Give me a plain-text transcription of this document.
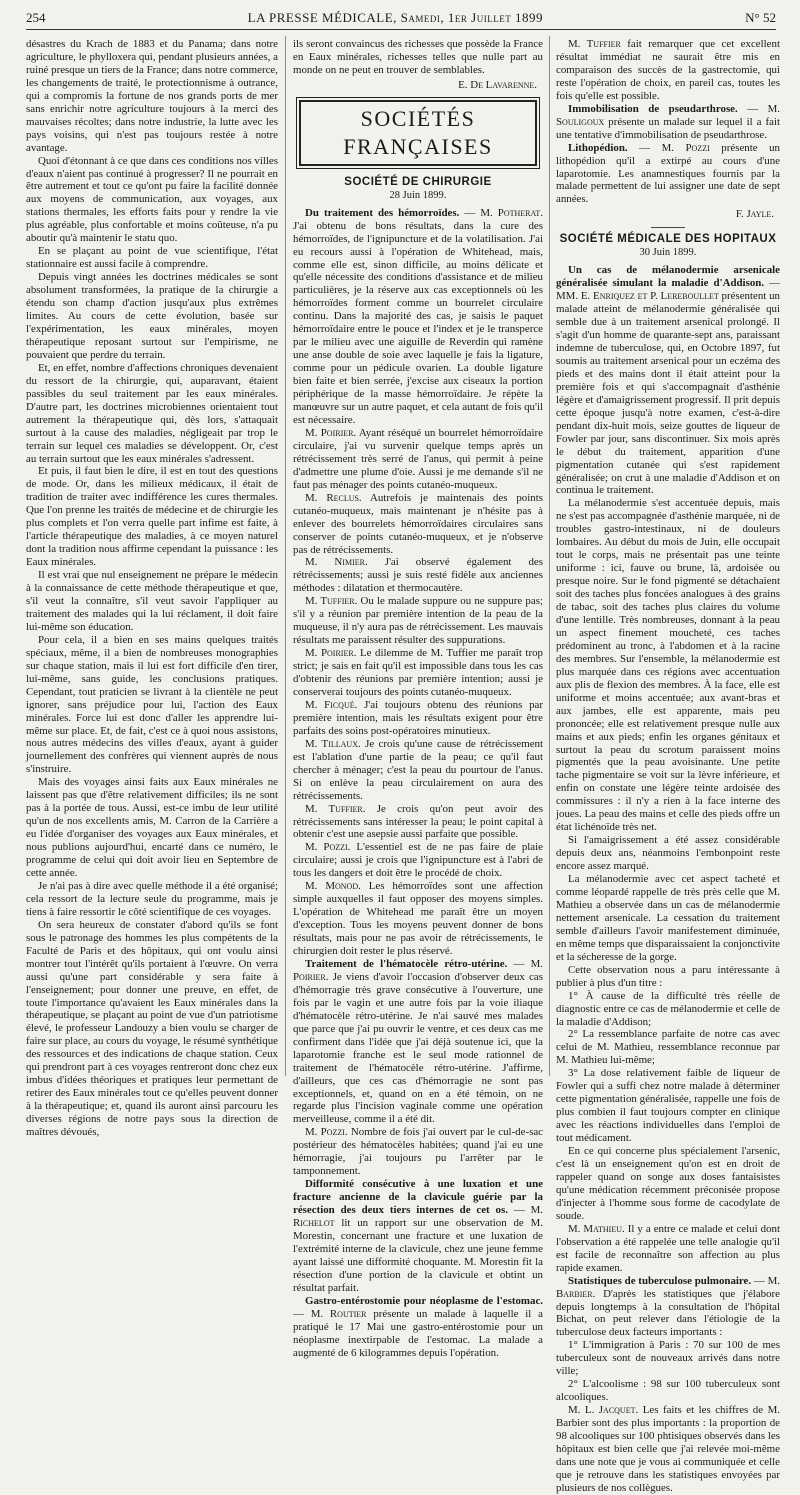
254	LA PRESSE MÉDICALE, Samedi, 1er Juillet 1899	N° 52

désastres du Krach de 1883 et du Panama; dans notre agriculture, le phylloxera qui, pendant plusieurs années, a ruiné presque un tiers de la France; dans notre commerce, les changements de traité, le protectionnisme à outrance, qui a compromis la fortune de nos grands ports de mer sans enrichir notre agriculture toujours à la merci des mauvaises récoltes; dans notre industrie, la lutte avec les pays voisins, qui n'est pas toujours restée à notre avantage.

Quoi d'étonnant à ce que dans ces conditions nos villes d'eaux n'aient pas continué à progresser? Il ne pourrait en être autrement et tout ce qu'ont pu faire la facilité donnée aux moyens de communication, aux voyages, aux stations thermales, les efforts faits pour y rendre la vie plus agréable, plus confortable et moins coûteuse, n'a pu aboutir qu'à maintenir le statu quo.

En se plaçant au point de vue scientifique, l'état stationnaire est aussi facile à comprendre.

Depuis vingt années les doctrines médicales se sont absolument transformées, la pratique de la chirurgie a étendu son champ d'action jusqu'aux plus extrêmes limites. Au cours de cette évolution, basée sur l'expérimentation, les eaux minérales, moyen thérapeutique reposant surtout sur l'empirisme, ne pouvaient que perdre du terrain.

Et, en effet, nombre d'affections chroniques devenaient du ressort de la chirurgie, qui, auparavant, étaient passibles du seul traitement par les eaux minérales. D'autre part, les doctrines microbiennes orientaient tout autrement la thérapeutique qui, dès lors, s'attaquait surtout à la cause des maladies, négligeait par trop le terrain sur lequel ces maladies se développent. Or, c'est au terrain surtout que les eaux minérales s'adressent.

Et puis, il faut bien le dire, il est en tout des questions de mode. Or, dans les milieux médicaux, il était de tradition de traiter avec indifférence les cures thermales. Que l'on prenne les traités de médecine et de chirurgie les plus complets et l'on verra quelle part infime est faite, à l'article thérapeutique des maladies, à ce moyen naturel dont la tradition nous affirme cependant la puissance : les Eaux minérales.

Il est vrai que nul enseignement ne prépare le médecin à la connaissance de cette méthode thérapeutique et que, s'il veut la connaître, s'il veut savoir l'appliquer au traitement des malades qui la lui réclament, il doit faire lui-même son éducation.

Pour cela, il a bien en ses mains quelques traités spéciaux, même, il a bien de nombreuses monographies sur chaque station, mais il lui est fort difficile d'en tirer, lui-même, sans guide, les conclusions pratiques. Cependant, tout praticien se livrant à la clientèle ne peut ignorer, sans préjudice pour lui, l'action des Eaux minérales. Force lui est donc d'aller les apprendre lui-même sur place. Et, de fait, c'est ce à quoi nous assistons, nous autres médecins des villes d'eaux, ayant à guider journellement des confrères qui viennent auprès de nous s'instruire.

Mais des voyages ainsi faits aux Eaux minérales ne laissent pas que d'être relativement difficiles; ils ne sont pas à la portée de tous. Aussi, est-ce imbu de leur utilité qu'un de nos excellents amis, M. Carron de la Carrière a eu l'idée d'organiser des voyages aux Eaux minérales, et nous publions aujourd'hui, encarté dans ce numéro, le programme de celui qui doit avoir lieu en Septembre de cette année.

Je n'ai pas à dire avec quelle méthode il a été organisé; cela ressort de la lecture seule du programme, mais je tiens à faire ressortir le côté scientifique de ces voyages.

On sera heureux de constater d'abord qu'ils se font sous le patronage des hommes les plus compétents de la Faculté de Paris et des hôpitaux, qui ont voulu ainsi montrer tout l'intérêt qu'ils portaient à l'œuvre. On verra aussi qu'une part considérable y sera faite à l'enseignement; pour donner une preuve, en effet, de toute l'importance qu'avaient les Eaux minérales dans la thérapeutique, se plaçant au point de vue d'un patriotisme élevé, le professeur Landouzy a bien voulu se charger de faire sur place, au cours du voyage, le résumé synthétique des ressources et des indications de chaque station. Ceux qui prendront part à ces voyages rentreront donc chez eux imbus d'idées théoriques et pratiques leur permettant de retirer des Eaux minérales tout ce qu'elles peuvent donner à la thérapeutique; et, quand ils auront ainsi parcouru les diverses régions de notre pays sous la direction de maîtres dévoués,

ils seront convaincus des richesses que possède la France en Eaux minérales, richesses telles que nulle part au monde on ne peut en trouver de semblables.

E. De Lavarenne.

SOCIÉTÉS FRANÇAISES
SOCIÉTÉ DE CHIRURGIE
28 Juin 1899.

Du traitement des hémorroïdes. — M. Potherat. J'ai obtenu de bons résultats, dans la cure des hémorroïdes, de l'ignipuncture et de la volatilisation. J'ai eu recours aussi à l'opération de Whitehead, mais, comme elle est, sinon difficile, au moins délicate et qu'elle nécessite des conditions d'assistance et de milieu particulières, je la réserve aux cas exceptionnels où les hémorroïdes forment comme un bourrelet circulaire continu. Dans la majorité des cas, je saisis le paquet hémorroïdaire entre le pouce et l'index et je le transperce par le milieu avec une aiguille de Reverdin qui ramène une anse double de soie avec laquelle je fais la ligature, comme pour un pédicule ovarien. La double ligature bien faite et bien serrée, j'excise aux ciseaux la portion périphérique de la masse hémorroïdaire. Je répète la manœuvre sur un autre paquet, et cela autant de fois qu'il est nécessaire.

M. Poirier. Ayant réséqué un bourrelet hémorroïdaire circulaire, j'ai vu survenir quelque temps après un rétrécissement très serré de l'anus, qui permit à peine d'admettre une plume d'oie. Aussi je me demande s'il ne faut pas ménager des points cutanéo-muqueux.

M. Reclus. Autrefois je maintenais des points cutanéo-muqueux, mais maintenant je n'hésite pas à enlever des bourrelets hémorroïdaires circulaires sans conserver de points cutanéo-muqueux, et je n'observe pas de rétrécissements.

M. Nimier. J'ai observé également des rétrécissements; aussi je suis resté fidèle aux anciennes méthodes : dilatation et thermocautère.

M. Tuffier. Ou le malade suppure ou ne suppure pas; s'il y a réunion par première intention de la peau de la muqueuse, il n'y aura pas de rétrécissement. Les mauvais résultats me paraissent résulter des suppurations.

M. Poirier. Le dilemme de M. Tuffier me paraît trop strict; je sais en fait qu'il est impossible dans tous les cas d'obtenir des réunions par première intention; aussi je conserverai toujours des points cutanéo-muqueux.

M. Ficqué. J'ai toujours obtenu des réunions par première intention, mais les résultats exigent pour être parfaits des soins post-opératoires minutieux.

M. Tillaux. Je crois qu'une cause de rétrécissement est l'ablation d'une partie de la peau; ce qu'il faut chercher à ménager; c'est la peau du pourtour de l'anus. Si on enlève la peau circulairement on aura des rétrécissements.

M. Tuffier. Je crois qu'on peut avoir des rétrécissements sans intéresser la peau; le point capital à obtenir c'est une asepsie aussi parfaite que possible.

M. Pozzi. L'essentiel est de ne pas faire de plaie circulaire; aussi je crois que l'ignipuncture est à l'abri de tous les dangers et doit être le procédé de choix.

M. Monod. Les hémorroïdes sont une affection simple auxquelles il faut opposer des moyens simples. L'opération de Whitehead me paraît être un moyen d'exception. Tous les moyens peuvent donner de bons résultats, mais pour ne pas avoir de rétrécissements, le chirurgien doit rester le plus réservé.

Traitement de l'hématocèle rétro-utérine. — M. Poirier. Je viens d'avoir l'occasion d'observer deux cas d'hémorragie très grave consécutive à l'ouverture, une fois par le vagin et une autre fois par la voie iliaque d'hématocèle rétro-utérine. Je n'ai sauvé mes malades que parce que j'ai pu ouvrir le ventre, et ces deux cas me confirment dans l'idée que j'ai déjà soutenue ici, que la laparotomie franche est le seul mode rationnel de traitement de l'hématocèle rétro-utérine. J'affirme, d'ailleurs, que ces cas d'hémorragie ne sont pas exceptionnels, et, quand on en a été témoin, on ne regarde plus l'incision vaginale comme une opération merveilleuse, comme il a été dit.

M. Pozzi. Nombre de fois j'ai ouvert par le cul-de-sac postérieur des hématocèles habitées; quand j'ai eu une hémorragie, j'ai toujours pu l'arrêter par le tamponnement.

Difformité consécutive à une luxation et une fracture ancienne de la clavicule guérie par la résection des deux tiers internes de cet os. — M. Richelot lit un rapport sur une observation de M. Morestin, concernant une fracture et une luxation de l'extrémité interne de la clavicule, chez une jeune femme ayant laissé une difformité choquante. M. Morestin fit la résection d'une portion de la clavicule et obtint un résultat parfait.

Gastro-entérostomie pour néoplasme de l'estomac. — M. Routier présente un malade à laquelle il a pratiqué le 17 Mai une gastro-entérostomie pour un néoplasme inextirpable de l'estomac. La malade a augmenté de 6 kilogrammes depuis l'opération.

M. Tuffier fait remarquer que cet excellent résultat immédiat ne saurait être mis en comparaison des succès de la gastrectomie, qui reste l'opération de choix, en pareil cas, toutes les fois qu'elle est possible.

Immobilisation de pseudarthrose. — M. Souligoux présente un malade sur lequel il a fait une tentative d'immobilisation de pseudarthrose.

Lithopédion. — M. Pozzi présente un lithopédion qu'il a extirpé au cours d'une laparotomie. Les anamnestiques fournis par la malade permettent de lui assigner une date de sept années.

F. Jayle.

SOCIÉTÉ MÉDICALE DES HOPITAUX
30 Juin 1899.

Un cas de mélanodermie arsenicale généralisée simulant la maladie d'Addison. — MM. E. Enriquez et P. Lereboullet présentent un malade atteint de mélanodermie généralisée qui semble due à un traitement arsenical prolongé. Il s'agit d'un homme de quarante-sept ans, paraissant indemne de tuberculose, qui, en Octobre 1897, fut soumis au traitement arsenical pour un eczéma des pieds et des mains dont il était atteint pour la première fois et qui s'accompagnait d'asthénie légère et d'amaigrissement progressif. Il prit depuis cette époque jusqu'à notre examen, c'est-à-dire pendant dix-huit mois, seize gouttes de liqueur de Fowler par jour, sans discontinuer. Six mois après le début du traitement, apparition d'une pigmentation cutanée qui s'est rapidement généralisée; on crut à une maladie d'Addison et on continua le traitement.

La mélanodermie s'est accentuée depuis, mais ne s'est pas accompagnée d'asthénie marquée, ni de troubles gastro-intestinaux, ni de douleurs lombaires. Au début du mois de Juin, elle occupait tout le corps, mais ne présentait pas une teinte uniforme : ici, fauve ou brune, là, ardoisée ou presque noire. Sur le fond pigmenté se détachaient soit des taches plus foncées analogues à des grains de tabac, soit des taches plus claires du volume d'une lentille. Très nombreuses, donnant à la peau un aspect finement moucheté, ces taches prédominent au tronc, à l'abdomen et à la racine des membres. Sur l'ensemble, la mélanodermie est plus marquée dans ces régions avec accentuation aux plis de flexion des membres. À la face, elle est uniforme et moins accentuée; aux avant-bras et aux jambes, elle est apparente, mais peu prononcée; elle est relativement presque nulle aux mains et aux pieds; enfin les organes génitaux et surtout la peau du scrotum paraissent moins pigmentés que la peau avoisinante. Une petite tache pigmentaire se voit sur la lèvre inférieure, et enfin on constate une légère teinte ardoisée des commissures : il n'y a rien à la face interne des joues. La peau des mains et celle des pieds offre un état lichénoïde très net.

Si l'amaigrissement a été assez considérable depuis deux ans, néanmoins l'embonpoint reste encore assez marqué.

La mélanodermie avec cet aspect tacheté et comme léopardé rappelle de très près celle que M. Mathieu a observée dans un cas de mélanodermie nettement arsenicale. La cessation du traitement semble d'ailleurs l'avoir manifestement diminuée, en même temps que disparaissaient la conjonctivite et la sécheresse de la gorge.

Cette observation nous a paru intéressante à publier à plus d'un titre :

1° À cause de la difficulté très réelle de diagnostic entre ce cas de mélanodermie et celle de la maladie d'Addison;

2° La ressemblance parfaite de notre cas avec celui de M. Mathieu, ressemblance reconnue par M. Mathieu lui-même;

3° La dose relativement faible de liqueur de Fowler qui a suffi chez notre malade à déterminer cette pigmentation généralisée, rappelle une fois de plus combien il faut toujours compter en clinique avec les réactions individuelles dans l'emploi de tout médicament.

En ce qui concerne plus spécialement l'arsenic, c'est là un enseignement qu'on est en droit de rappeler quand on songe aux doses fantaisistes qu'une médication récemment préconisée propose d'injecter à l'homme sous forme de cacodylate de soude.

M. Mathieu. Il y a entre ce malade et celui dont l'observation a été rappelée une telle analogie qu'il est facile de reconnaître son affection au plus rapide examen.

Statistiques de tuberculose pulmonaire. — M. Barbier. D'après les statistiques que j'élabore depuis longtemps à la consultation de l'hôpital Bichat, on peut relever dans l'étiologie de la tuberculose deux facteurs importants :

1° L'immigration à Paris : 70 sur 100 de mes tuberculeux sont de nouveaux arrivés dans notre ville;

2° L'alcoolisme : 98 sur 100 tuberculeux sont alcooliques.

M. L. Jacquet. Les faits et les chiffres de M. Barbier sont des plus importants : la proportion de 98 alcooliques sur 100 phtisiques observés dans les hôpitaux est bien celle que j'ai relevée moi-même dans une note que je vous ai communiquée et celle que je retrouve dans les statistiques envoyées par plusieurs de nos collègues.
